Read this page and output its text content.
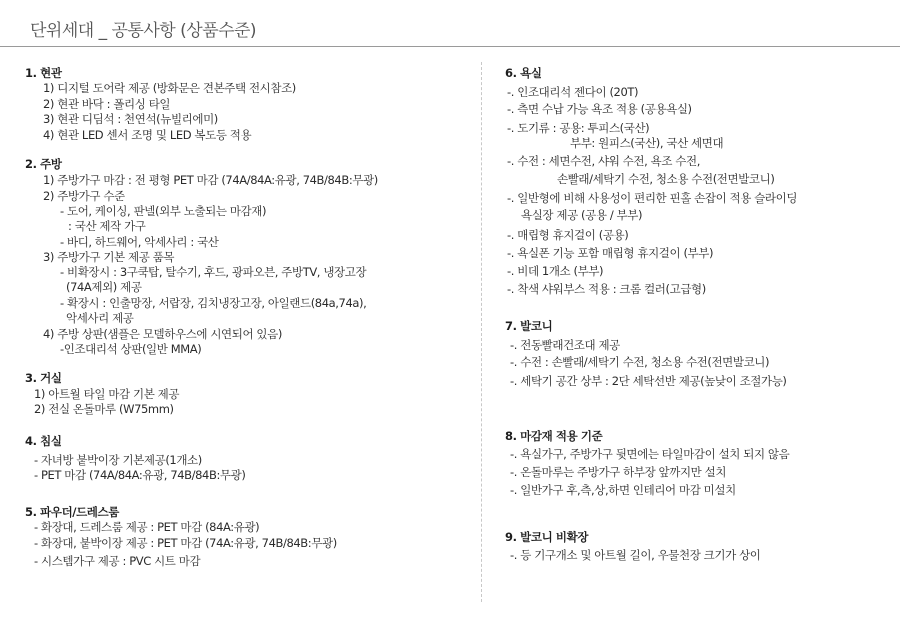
단위세대 _ 공통사항 (상품수준)
1. 현관
1) 디지털 도어락 제공 (방화문은 견본주택 전시참조)
2) 현관 바닥 : 폴리싱 타일
3) 현관 디딤석 : 천연석(뉴빌리에미)
4) 현관 LED 센서 조명 및 LED 복도등 적용
2. 주방
1) 주방가구 마감 : 전 평형 PET 마감 (74A/84A:유광, 74B/84B:무광)
2) 주방가구 수준
- 도어, 케이싱, 판넬(외부 노출되는 마감재)
: 국산 제작 가구
- 바디, 하드웨어, 악세사리 : 국산
3) 주방가구 기본 제공 품목
- 비확장시 : 3구쿡탑, 탈수기, 후드, 광파오븐, 주방TV, 냉장고장
(74A제외) 제공
- 확장시 : 인출망장, 서랍장, 김치냉장고장, 아일랜드(84a,74a),
악세사리 제공
4) 주방 상판(샘플은 모델하우스에 시연되어 있음)
-인조대리석 상판(일반 MMA)
3. 거실
1) 아트월 타일 마감 기본 제공
2) 전실 온돌마루 (W75mm)
4. 침실
- 자녀방 붙박이장 기본제공(1개소)
- PET 마감 (74A/84A:유광, 74B/84B:무광)
5. 파우더/드레스룸
- 화장대, 드레스룸 제공 : PET 마감 (84A:유광)
- 화장대, 붙박이장 제공 : PET 마감 (74A:유광, 74B/84B:무광)
- 시스템가구 제공 : PVC 시트 마감
6. 욕실
-. 인조대리석 젠다이 (20T)
-. 측면 수납 가능 욕조 적용 (공용욕실)
-. 도기류 : 공용: 투피스(국산)
부부: 원피스(국산), 국산 세면대
-. 수전 : 세면수전, 샤워 수전, 욕조 수전,
손빨래/세탁기 수전, 청소용 수전(전면발코니)
-. 일반형에 비해 사용성이 편리한 핀홀 손잡이 적용 슬라이딩
욕실장 제공 (공용 / 부부)
-. 매립형 휴지걸이 (공용)
-. 욕실폰 기능 포함 매립형 휴지걸이 (부부)
-. 비데 1개소 (부부)
-. 착색 샤워부스 적용 : 크롬 컬러(고급형)
7. 발코니
-. 전동빨래건조대 제공
-. 수전 : 손빨래/세탁기 수전, 청소용 수전(전면발코니)
-. 세탁기 공간 상부 : 2단 세탁선반 제공(높낮이 조절가능)
8. 마감재 적용 기준
-. 욕실가구, 주방가구 뒷면에는 타일마감이 설치 되지 않음
-. 온돌마루는 주방가구 하부장 앞까지만 설치
-. 일반가구 후,측,상,하면 인테리어 마감 미설치
9. 발코니 비확장
-. 등 기구개소 및 아트월 길이, 우물천장 크기가 상이
